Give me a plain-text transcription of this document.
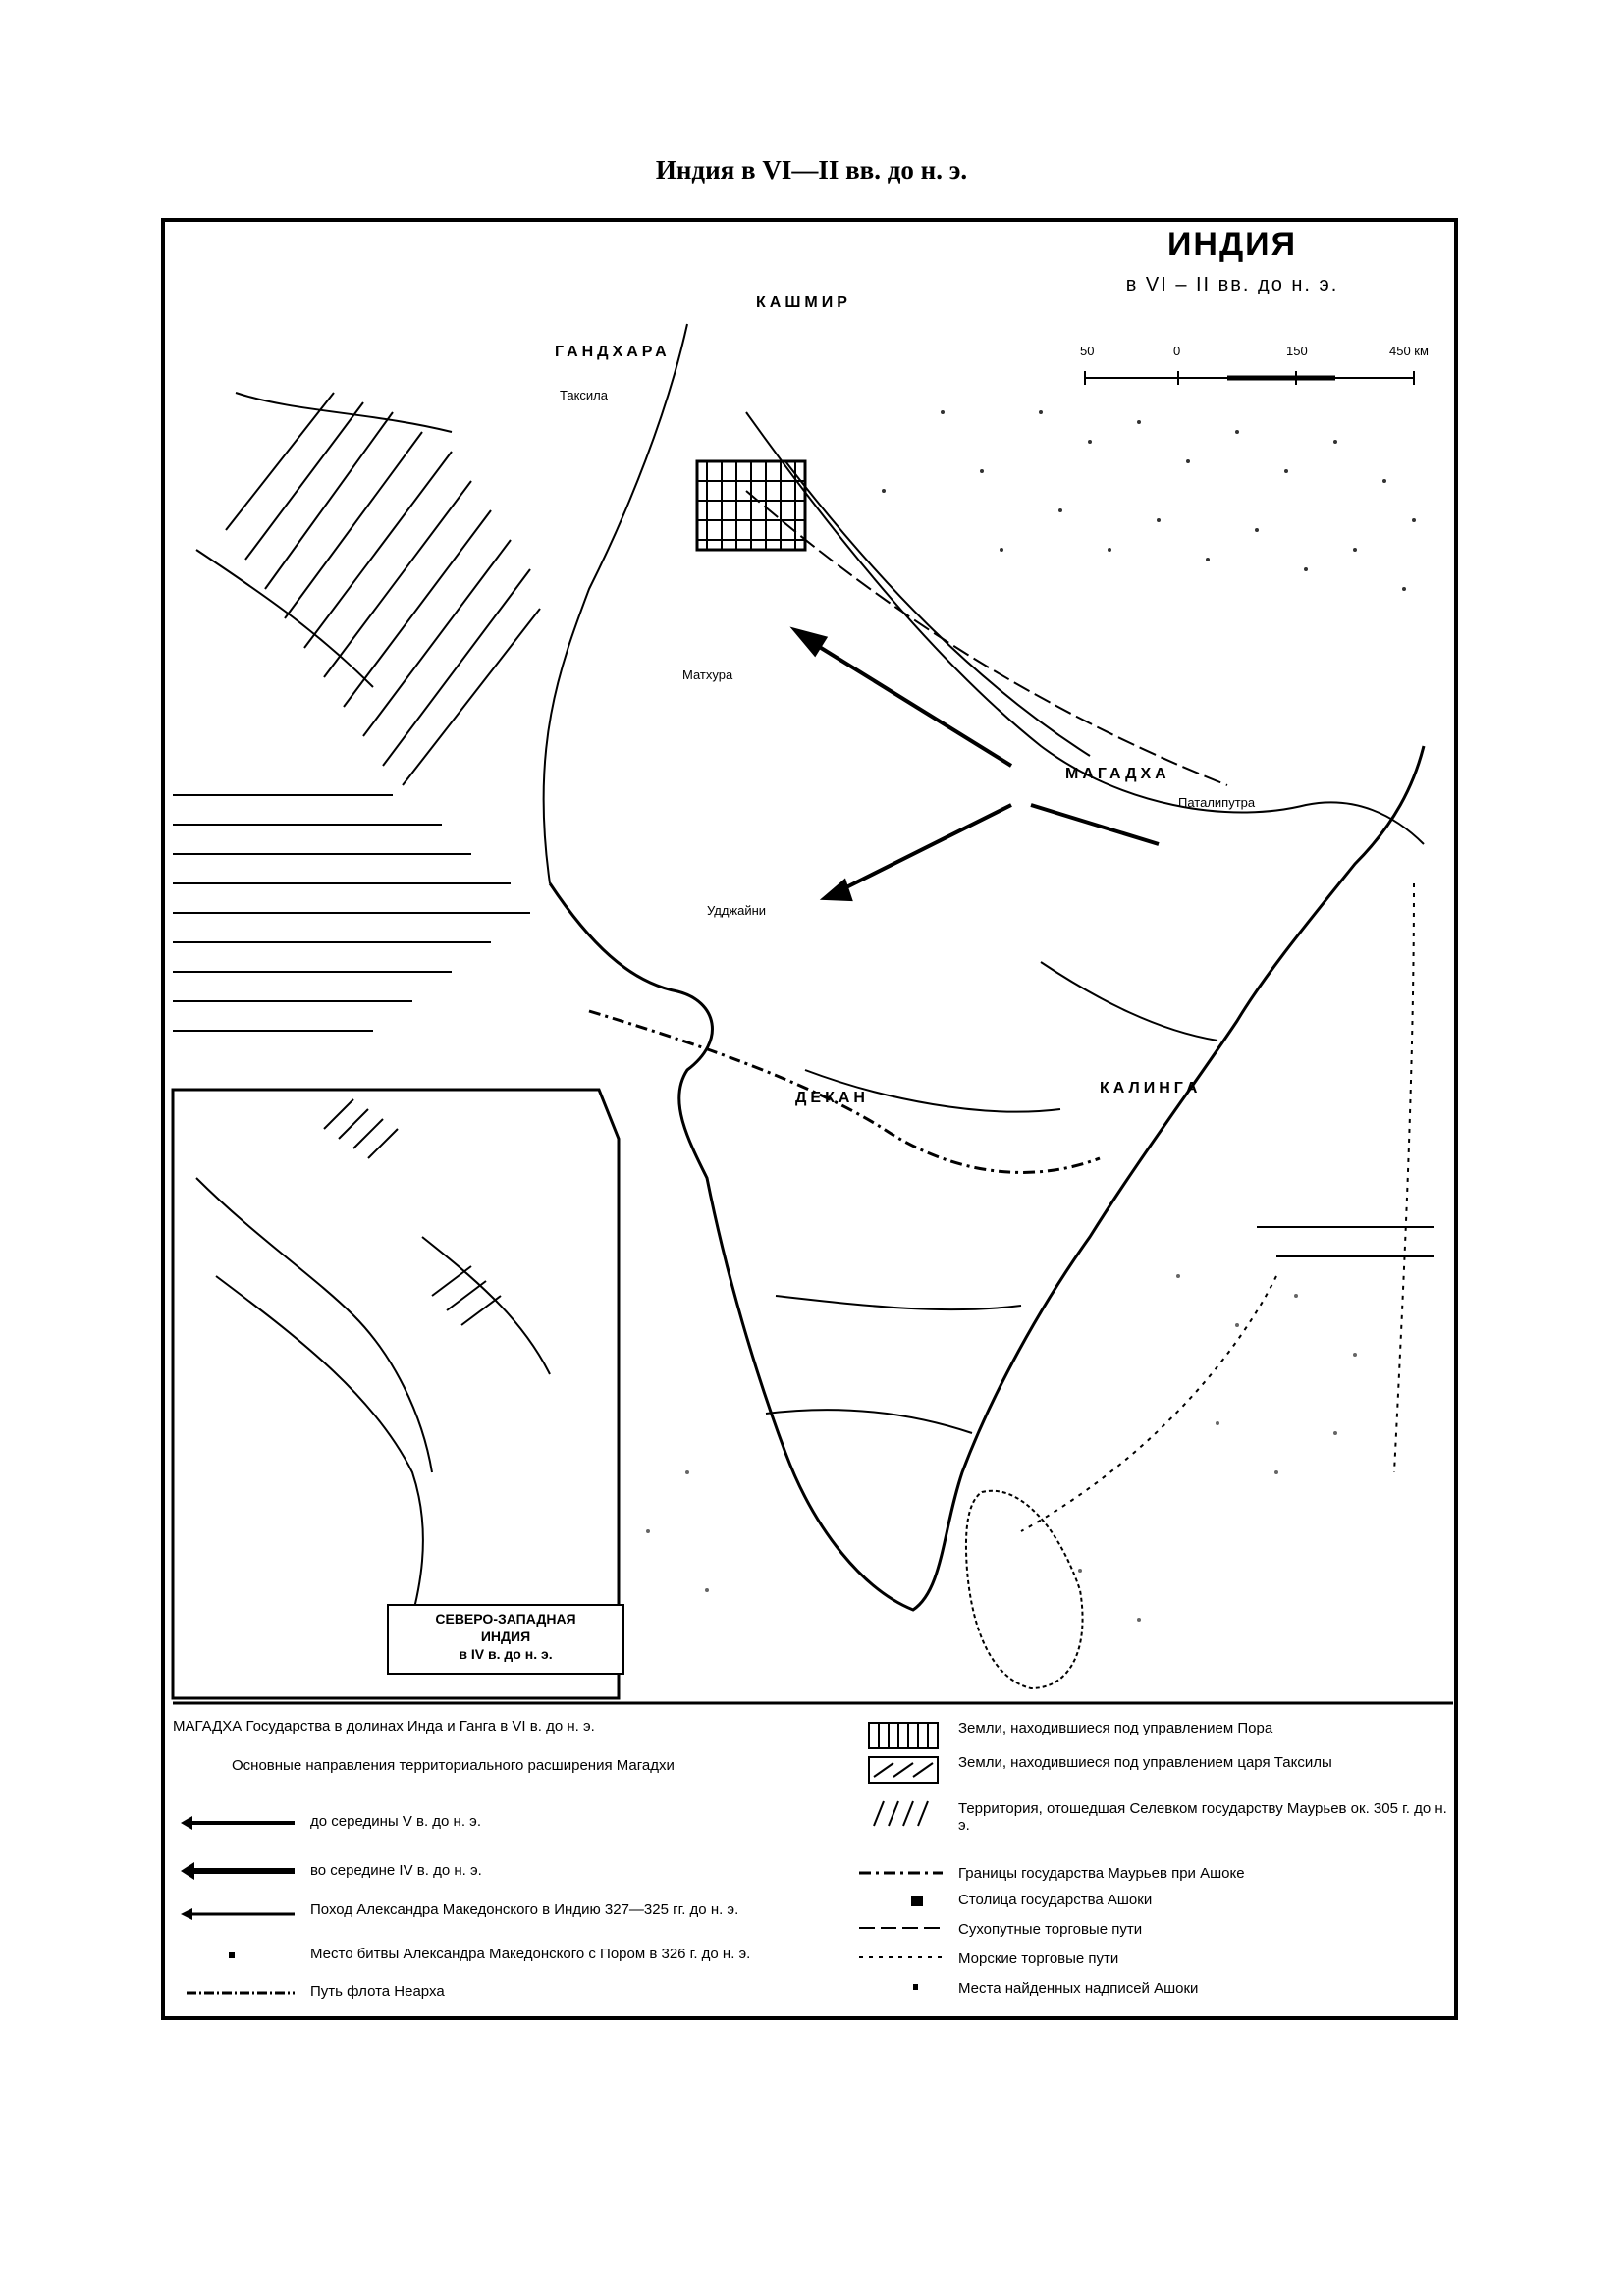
Индия в VI—II вв. до н. э.
ИНДИЯ
в VI – II вв. до н. э.
50	0	150	450 км
МАГАДХА
КАЛИНГА
КАШМИР
ГАНДХАРА
ДЕКАН
Удджайни
Паталипутра
Таксила
Матхура
СЕВЕРО-ЗАПАДНАЯ
ИНДИЯ
в IV в. до н. э.
МАГАДХА Государства в долинах Инда и Ганга в VI в. до н. э.
Основные направления территориального расширения Магадхи
до середины V в. до н. э.
во середине IV в. до н. э.
Поход Александра Македонского в Индию 327—325 гг. до н. э.
Место битвы Александра Македонского с Пором в 326 г. до н. э.
Путь флота Неарха
Земли, находившиеся под управлением Пора
Земли, находившиеся под управлением царя Таксилы
Территория, отошедшая Селевком государству Маурьев ок. 305 г. до н. э.
Границы государства Маурьев при Ашоке
Столица государства Ашоки
Сухопутные торговые пути
Морские торговые пути
Места найденных надписей Ашоки
